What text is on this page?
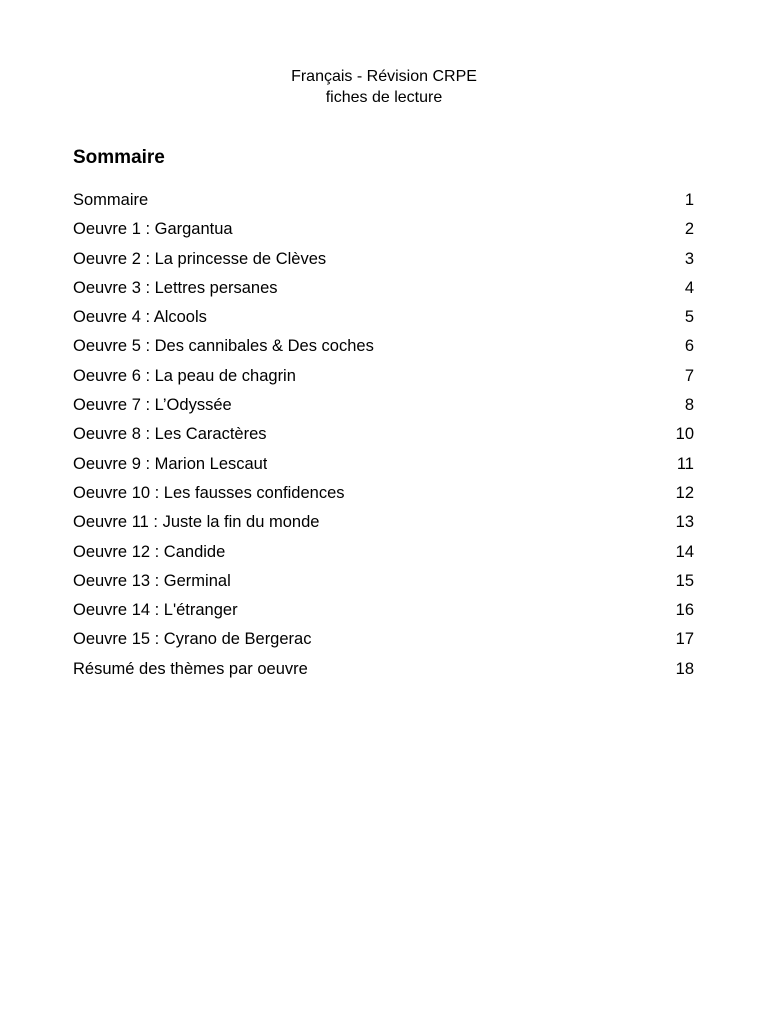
Français - Révision CRPE
fiches de lecture
Sommaire
Sommaire	1
Oeuvre 1 : Gargantua	2
Oeuvre 2 : La princesse de Clèves	3
Oeuvre 3 : Lettres persanes	4
Oeuvre 4 : Alcools	5
Oeuvre 5 : Des cannibales & Des coches	6
Oeuvre 6 : La peau de chagrin	7
Oeuvre 7 : L’Odyssée	8
Oeuvre 8 : Les Caractères	10
Oeuvre 9 : Marion Lescaut	11
Oeuvre 10 : Les fausses confidences	12
Oeuvre 11 : Juste la fin du monde	13
Oeuvre 12 : Candide	14
Oeuvre 13 : Germinal	15
Oeuvre 14 : L'étranger	16
Oeuvre 15 : Cyrano de Bergerac	17
Résumé des thèmes par oeuvre	18
